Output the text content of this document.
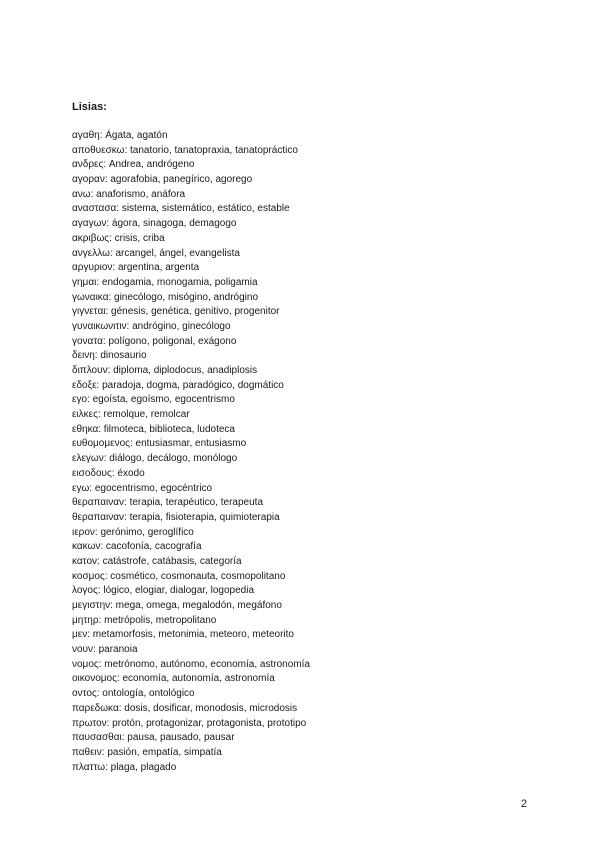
Lisias:
αγαθη: Ágata, agatón
αποθυεσκω: tanatorio, tanatopraxia, tanatopráctico
ανδρες: Andrea, andrógeno
αγοραν: agorafobia, panegírico, agorego
ανω: anaforismo, anáfora
αναστασα: sistema, sistemático, estático, estable
αγαγων: ágora, sinagoga, demagogo
ακριβως: crisis, criba
ανγελλω: arcangel, ángel, evangelista
αργυριον: argentina, argenta
γημαι: endogamia, monogamia, poligamia
γωναικα: ginecólogo, misógino, andrógino
γιγνεται: génesis, genética, genitivo, progenitor
γυναικωνιτιν: andrógino, ginecólogo
γονατα: polígono, poligonal, exágono
δεινη: dinosaurio
διπλουν: diploma, diplodocus, anadiplosis
εδοξε: paradoja, dogma, paradógico, dogmático
εγο: egoísta, egoísmo, egocentrismo
ειλκες: remolque, remolcar
εθηκα: filmoteca, biblioteca, ludoteca
ευθομομενος: entusiasmar, entusiasmo
ελεγων: diálogo, decálogo, monólogo
εισοδους: éxodo
εγω: egocentrismo, egocéntrico
θεραπαιναν: terapia, terapéutico, terapeuta
θεραπαιναν: terapia, fisioterapia, quimioterapia
ιερον: gerónimo, geroglífico
κακων: cacofonía, cacografía
κατον: catástrofe, catábasis, categoría
κοσμος: cosmético, cosmonauta, cosmopolitano
λογος: lógico, elogiar, dialogar, logopedia
μεγιστην: mega, omega, megalodón, megáfono
μητηρ: metrópolis, metropolitano
μεν: metamorfosis, metonimia, meteoro, meteorito
νουν: paranoia
νομος: metrónomo, autónomo, economía, astronomía
οικονομος: economía, autonomía, astronomía
οντος: ontología, ontológico
παρεδωκα: dosis, dosificar, monodosis, microdosis
πρωτον: protón, protagonizar, protagonista, prototipo
παυσασθαι: pausa, pausado, pausar
παθειν: pasión, empatía, simpatía
πλαττω: plaga, plagado
2
